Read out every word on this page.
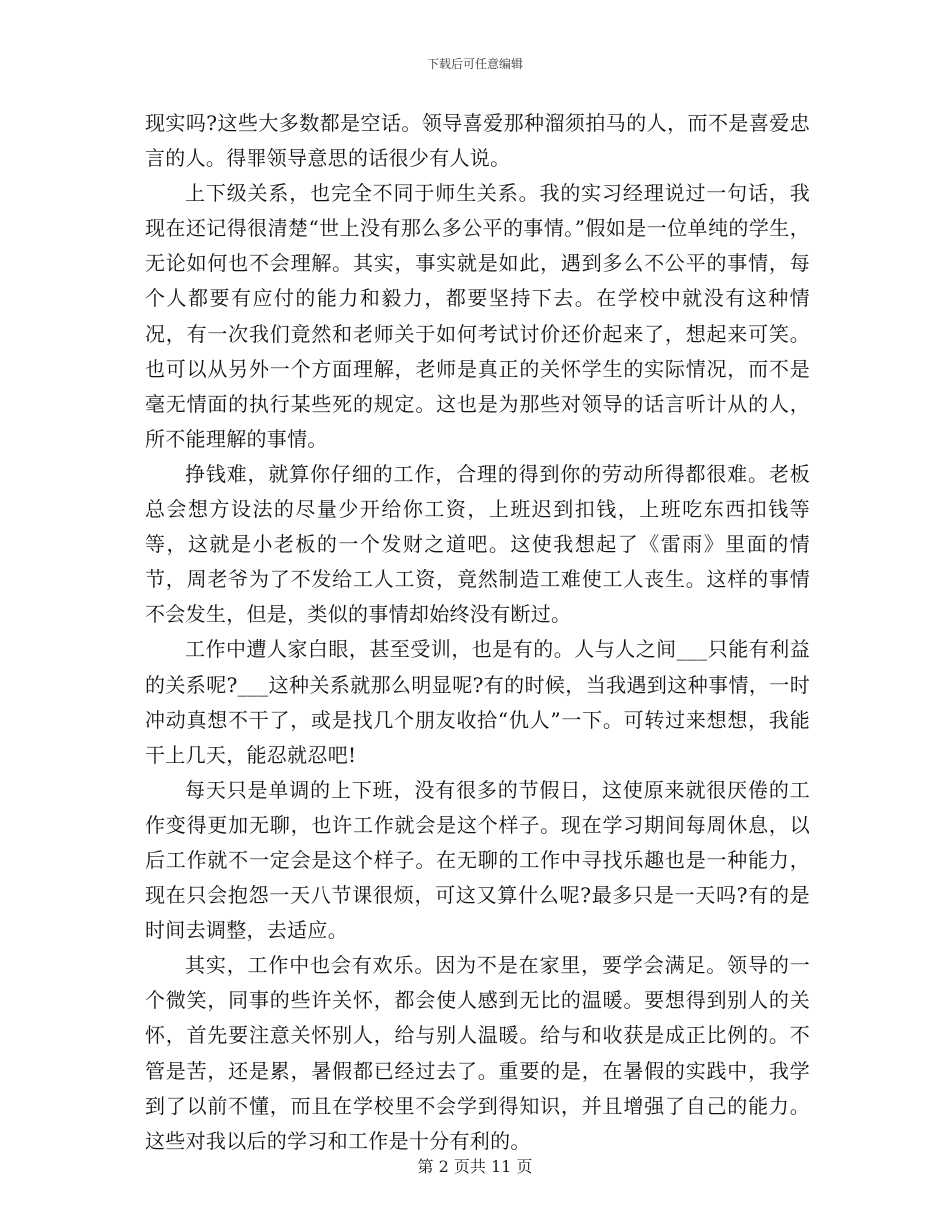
下载后可任意编辑

现实吗?这些大多数都是空话。领导喜爱那种溜须拍马的人，而不是喜爱忠言的人。得罪领导意思的话很少有人说。

上下级关系，也完全不同于师生关系。我的实习经理说过一句话，我现在还记得很清楚“世上没有那么多公平的事情。”假如是一位单纯的学生，无论如何也不会理解。其实，事实就是如此，遇到多么不公平的事情，每个人都要有应付的能力和毅力，都要坚持下去。在学校中就没有这种情况，有一次我们竟然和老师关于如何考试讨价还价起来了，想起来可笑。也可以从另外一个方面理解，老师是真正的关怀学生的实际情况，而不是毫无情面的执行某些死的规定。这也是为那些对领导的话言听计从的人，所不能理解的事情。

挣钱难，就算你仔细的工作，合理的得到你的劳动所得都很难。老板总会想方设法的尽量少开给你工资，上班迟到扣钱，上班吃东西扣钱等等，这就是小老板的一个发财之道吧。这使我想起了《雷雨》里面的情节，周老爷为了不发给工人工资，竟然制造工难使工人丧生。这样的事情不会发生，但是，类似的事情却始终没有断过。

工作中遭人家白眼，甚至受训，也是有的。人与人之间___只能有利益的关系呢?___这种关系就那么明显呢?有的时候，当我遇到这种事情，一时冲动真想不干了，或是找几个朋友收拾“仇人”一下。可转过来想想，我能干上几天，能忍就忍吧!

每天只是单调的上下班，没有很多的节假日，这使原来就很厌倦的工作变得更加无聊，也许工作就会是这个样子。现在学习期间每周休息，以后工作就不一定会是这个样子。在无聊的工作中寻找乐趣也是一种能力，现在只会抱怨一天八节课很烦，可这又算什么呢?最多只是一天吗?有的是时间去调整，去适应。

其实，工作中也会有欢乐。因为不是在家里，要学会满足。领导的一个微笑，同事的些许关怀，都会使人感到无比的温暖。要想得到别人的关怀，首先要注意关怀别人，给与别人温暖。给与和收获是成正比例的。不管是苦，还是累，暑假都已经过去了。重要的是，在暑假的实践中，我学到了以前不懂，而且在学校里不会学到得知识，并且增强了自己的能力。这些对我以后的学习和工作是十分有利的。

第 2 页共 11 页
